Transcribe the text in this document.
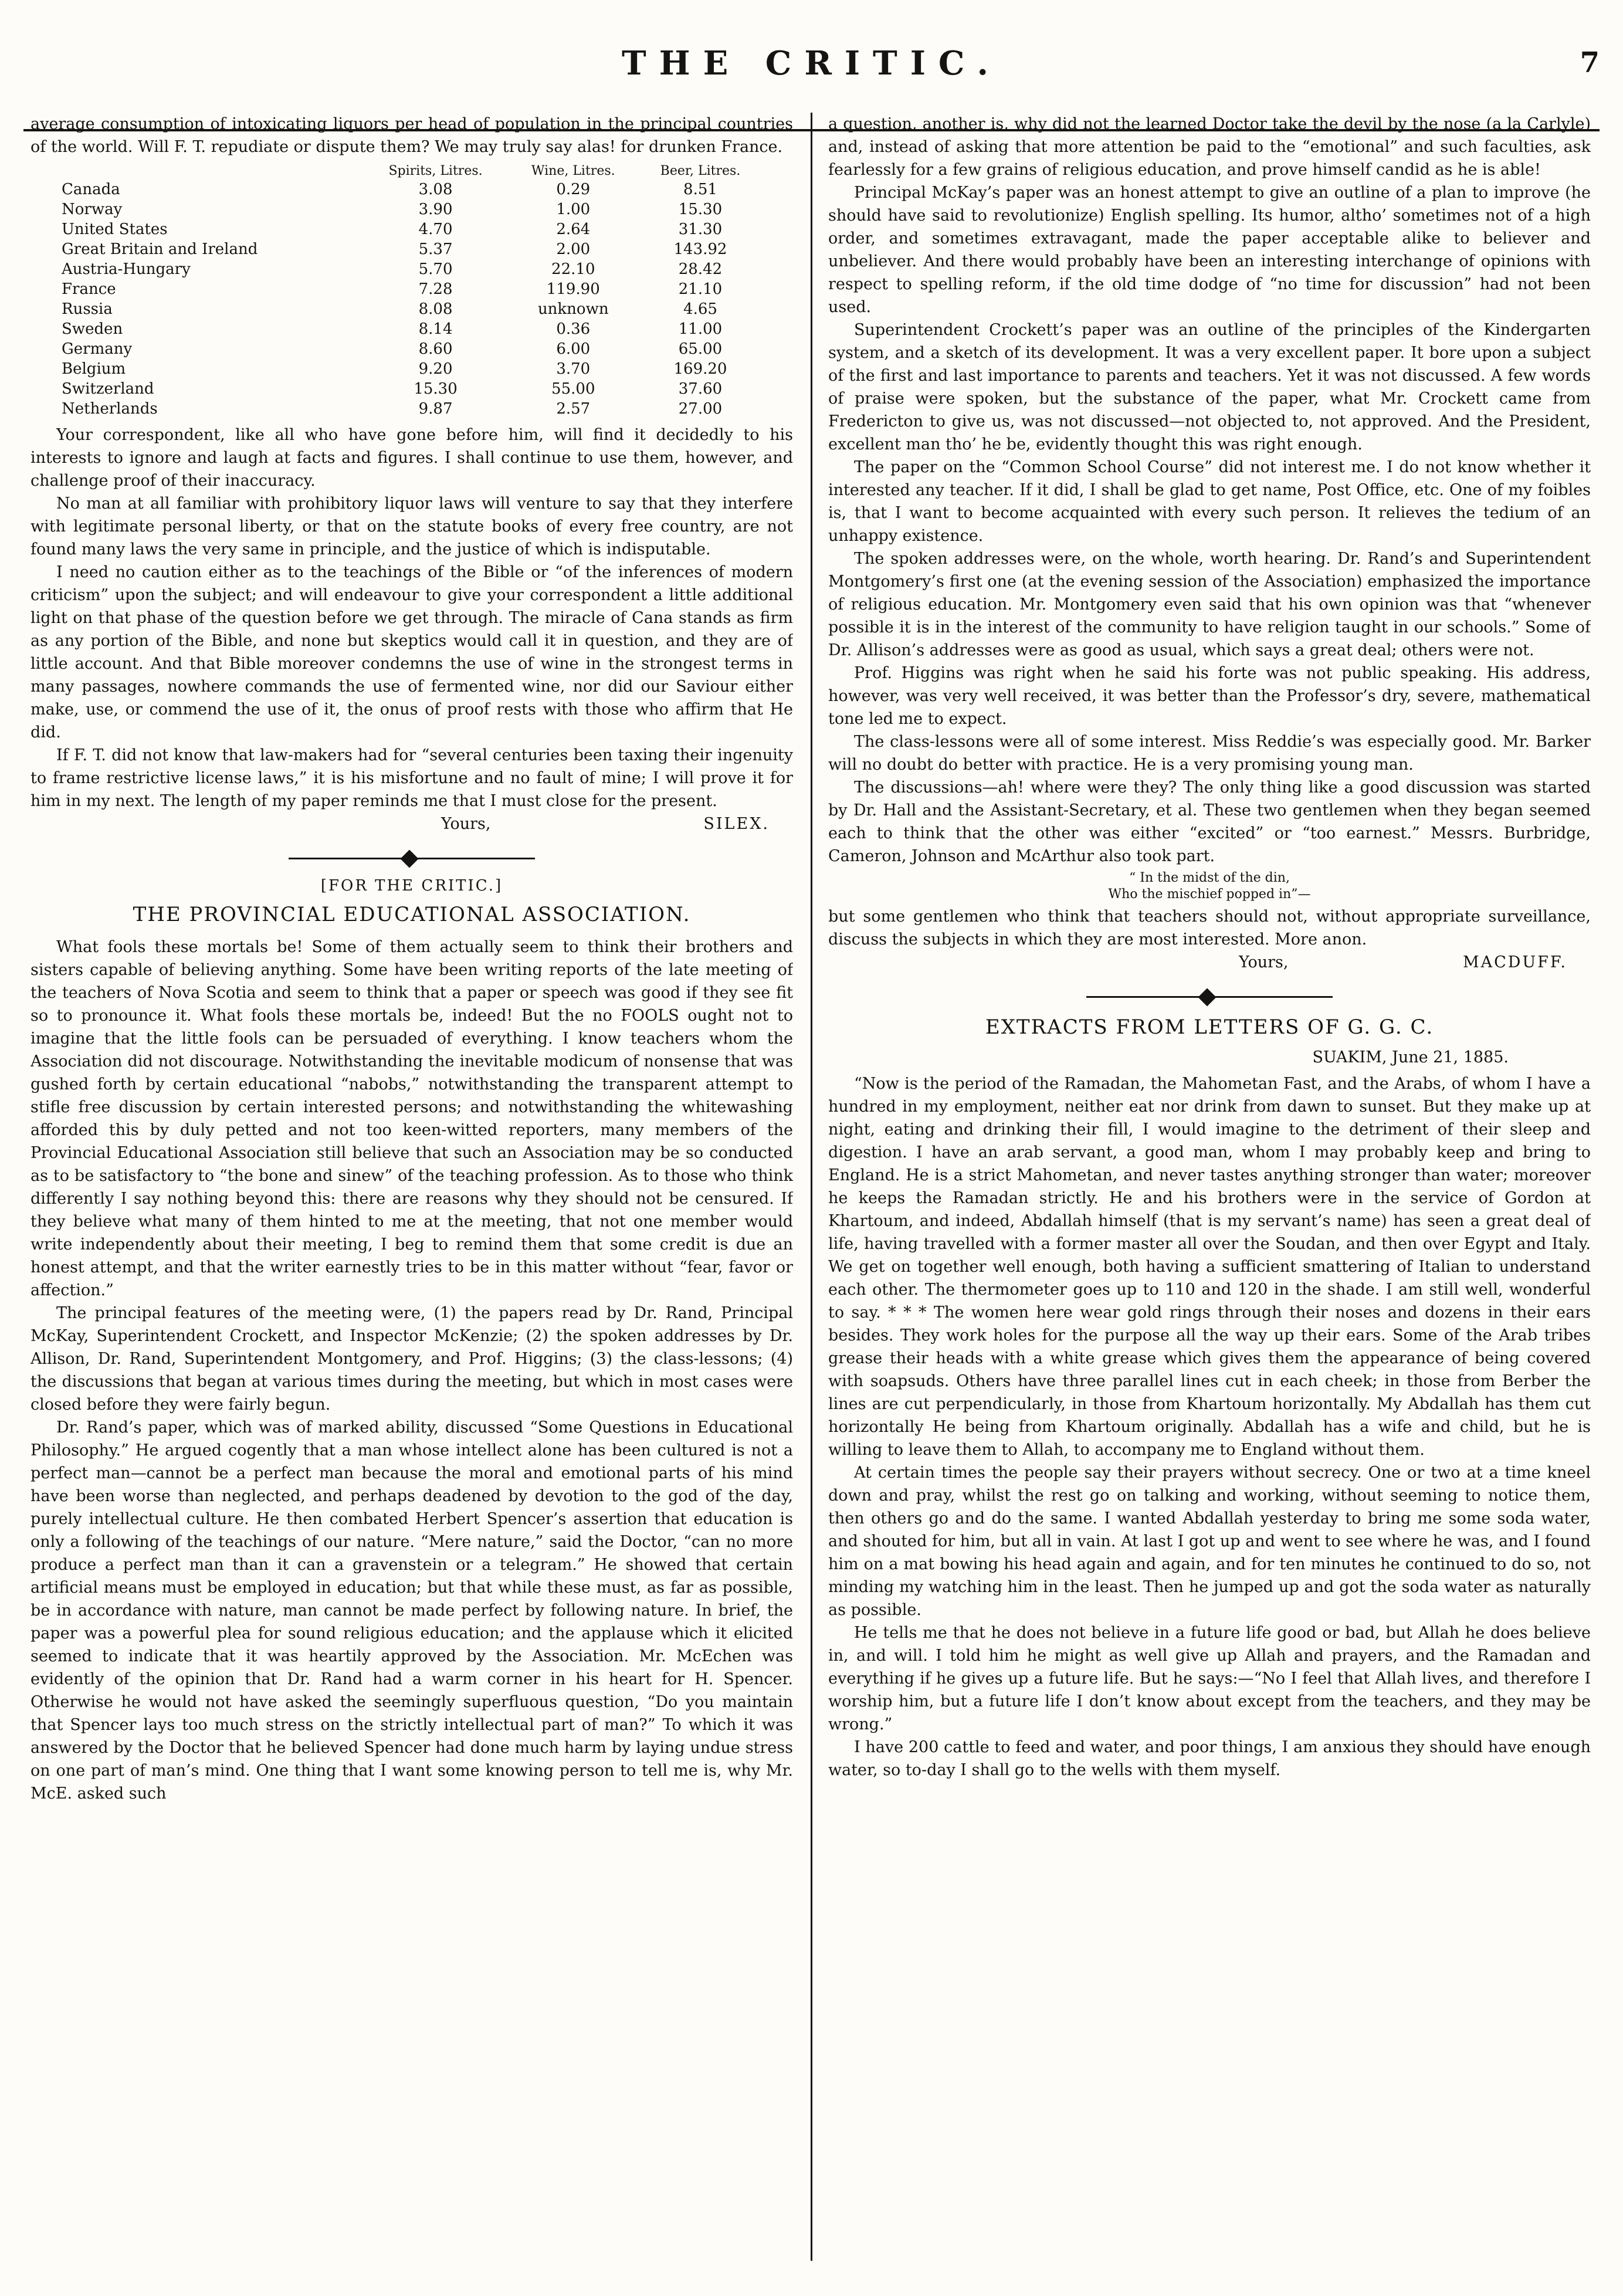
THE CRITIC.	7

average consumption of intoxicating liquors per head of population in the principal countries of the world. Will F. T. repudiate or dispute them? We may truly say alas! for drunken France.

	Spirits, Litres.	Wine, Litres.	Beer, Litres.
Canada	3.08	0.29	8.51
Norway	3.90	1.00	15.30
United States	4.70	2.64	31.30
Great Britain and Ireland	5.37	2.00	143.92
Austria-Hungary	5.70	22.10	28.42
France	7.28	119.90	21.10
Russia	8.08	unknown	4.65
Sweden	8.14	0.36	11.00
Germany	8.60	6.00	65.00
Belgium	9.20	3.70	169.20
Switzerland	15.30	55.00	37.60
Netherlands	9.87	2.57	27.00

Your correspondent, like all who have gone before him, will find it decidedly to his interests to ignore and laugh at facts and figures. I shall continue to use them, however, and challenge proof of their inaccuracy.

No man at all familiar with prohibitory liquor laws will venture to say that they interfere with legitimate personal liberty, or that on the statute books of every free country, are not found many laws the very same in principle, and the justice of which is indisputable.

I need no caution either as to the teachings of the Bible or “of the inferences of modern criticism” upon the subject; and will endeavour to give your correspondent a little additional light on that phase of the question before we get through. The miracle of Cana stands as firm as any portion of the Bible, and none but skeptics would call it in question, and they are of little account. And that Bible moreover condemns the use of wine in the strongest terms in many passages, nowhere commands the use of fermented wine, nor did our Saviour either make, use, or commend the use of it, the onus of proof rests with those who affirm that He did.

If F. T. did not know that law-makers had for “several centuries been taxing their ingenuity to frame restrictive license laws,” it is his misfortune and no fault of mine; I will prove it for him in my next. The length of my paper reminds me that I must close for the present.

Yours,	SILEX.
[FOR THE CRITIC.]
THE PROVINCIAL EDUCATIONAL ASSOCIATION.

What fools these mortals be! Some of them actually seem to think their brothers and sisters capable of believing anything. Some have been writing reports of the late meeting of the teachers of Nova Scotia and seem to think that a paper or speech was good if they see fit so to pronounce it. What fools these mortals be, indeed! But the no FOOLS ought not to imagine that the little fools can be persuaded of everything. I know teachers whom the Association did not discourage. Notwithstanding the inevitable modicum of nonsense that was gushed forth by certain educational “nabobs,” notwithstanding the transparent attempt to stifle free discussion by certain interested persons; and notwithstanding the whitewashing afforded this by duly petted and not too keen-witted reporters, many members of the Provincial Educational Association still believe that such an Association may be so conducted as to be satisfactory to “the bone and sinew” of the teaching profession. As to those who think differently I say nothing beyond this: there are reasons why they should not be censured. If they believe what many of them hinted to me at the meeting, that not one member would write independently about their meeting, I beg to remind them that some credit is due an honest attempt, and that the writer earnestly tries to be in this matter without “fear, favor or affection.”

The principal features of the meeting were, (1) the papers read by Dr. Rand, Principal McKay, Superintendent Crockett, and Inspector McKenzie; (2) the spoken addresses by Dr. Allison, Dr. Rand, Superintendent Montgomery, and Prof. Higgins; (3) the class-lessons; (4) the discussions that began at various times during the meeting, but which in most cases were closed before they were fairly begun.

Dr. Rand’s paper, which was of marked ability, discussed “Some Questions in Educational Philosophy.” He argued cogently that a man whose intellect alone has been cultured is not a perfect man—cannot be a perfect man because the moral and emotional parts of his mind have been worse than neglected, and perhaps deadened by devotion to the god of the day, purely intellectual culture. He then combated Herbert Spencer’s assertion that education is only a following of the teachings of our nature. “Mere nature,” said the Doctor, “can no more produce a perfect man than it can a gravenstein or a telegram.” He showed that certain artificial means must be employed in education; but that while these must, as far as possible, be in accordance with nature, man cannot be made perfect by following nature. In brief, the paper was a powerful plea for sound religious education; and the applause which it elicited seemed to indicate that it was heartily approved by the Association. Mr. McEchen was evidently of the opinion that Dr. Rand had a warm corner in his heart for H. Spencer. Otherwise he would not have asked the seemingly superfluous question, “Do you maintain that Spencer lays too much stress on the strictly intellectual part of man?” To which it was answered by the Doctor that he believed Spencer had done much harm by laying undue stress on one part of man’s mind. One thing that I want some knowing person to tell me is, why Mr. McE. asked such

a question, another is, why did not the learned Doctor take the devil by the nose (a la Carlyle) and, instead of asking that more attention be paid to the “emotional” and such faculties, ask fearlessly for a few grains of religious education, and prove himself candid as he is able!

Principal McKay’s paper was an honest attempt to give an outline of a plan to improve (he should have said to revolutionize) English spelling. Its humor, altho’ sometimes not of a high order, and sometimes extravagant, made the paper acceptable alike to believer and unbeliever. And there would probably have been an interesting interchange of opinions with respect to spelling reform, if the old time dodge of “no time for discussion” had not been used.

Superintendent Crockett’s paper was an outline of the principles of the Kindergarten system, and a sketch of its development. It was a very excellent paper. It bore upon a subject of the first and last importance to parents and teachers. Yet it was not discussed. A few words of praise were spoken, but the substance of the paper, what Mr. Crockett came from Fredericton to give us, was not discussed—not objected to, not approved. And the President, excellent man tho’ he be, evidently thought this was right enough.

The paper on the “Common School Course” did not interest me. I do not know whether it interested any teacher. If it did, I shall be glad to get name, Post Office, etc. One of my foibles is, that I want to become acquainted with every such person. It relieves the tedium of an unhappy existence.

The spoken addresses were, on the whole, worth hearing. Dr. Rand’s and Superintendent Montgomery’s first one (at the evening session of the Association) emphasized the importance of religious education. Mr. Montgomery even said that his own opinion was that “whenever possible it is in the interest of the community to have religion taught in our schools.” Some of Dr. Allison’s addresses were as good as usual, which says a great deal; others were not.

Prof. Higgins was right when he said his forte was not public speaking. His address, however, was very well received, it was better than the Professor’s dry, severe, mathematical tone led me to expect.

The class-lessons were all of some interest. Miss Reddie’s was especially good. Mr. Barker will no doubt do better with practice. He is a very promising young man.

The discussions—ah! where were they? The only thing like a good discussion was started by Dr. Hall and the Assistant-Secretary, et al. These two gentlemen when they began seemed each to think that the other was either “excited” or “too earnest.” Messrs. Burbridge, Cameron, Johnson and McArthur also took part.

“ In the midst of the din,
Who the mischief popped in”—

but some gentlemen who think that teachers should not, without appropriate surveillance, discuss the subjects in which they are most interested. More anon.

Yours,	MACDUFF.
EXTRACTS FROM LETTERS OF G. G. C.
SUAKIM, June 21, 1885.

“Now is the period of the Ramadan, the Mahometan Fast, and the Arabs, of whom I have a hundred in my employment, neither eat nor drink from dawn to sunset. But they make up at night, eating and drinking their fill, I would imagine to the detriment of their sleep and digestion. I have an arab servant, a good man, whom I may probably keep and bring to England. He is a strict Mahometan, and never tastes anything stronger than water; moreover he keeps the Ramadan strictly. He and his brothers were in the service of Gordon at Khartoum, and indeed, Abdallah himself (that is my servant’s name) has seen a great deal of life, having travelled with a former master all over the Soudan, and then over Egypt and Italy. We get on together well enough, both having a sufficient smattering of Italian to understand each other. The thermometer goes up to 110 and 120 in the shade. I am still well, wonderful to say. * * * The women here wear gold rings through their noses and dozens in their ears besides. They work holes for the purpose all the way up their ears. Some of the Arab tribes grease their heads with a white grease which gives them the appearance of being covered with soapsuds. Others have three parallel lines cut in each cheek; in those from Berber the lines are cut perpendicularly, in those from Khartoum horizontally. My Abdallah has them cut horizontally He being from Khartoum originally. Abdallah has a wife and child, but he is willing to leave them to Allah, to accompany me to England without them.

At certain times the people say their prayers without secrecy. One or two at a time kneel down and pray, whilst the rest go on talking and working, without seeming to notice them, then others go and do the same. I wanted Abdallah yesterday to bring me some soda water, and shouted for him, but all in vain. At last I got up and went to see where he was, and I found him on a mat bowing his head again and again, and for ten minutes he continued to do so, not minding my watching him in the least. Then he jumped up and got the soda water as naturally as possible.

He tells me that he does not believe in a future life good or bad, but Allah he does believe in, and will. I told him he might as well give up Allah and prayers, and the Ramadan and everything if he gives up a future life. But he says:—“No I feel that Allah lives, and therefore I worship him, but a future life I don’t know about except from the teachers, and they may be wrong.”

I have 200 cattle to feed and water, and poor things, I am anxious they should have enough water, so to-day I shall go to the wells with them myself.
